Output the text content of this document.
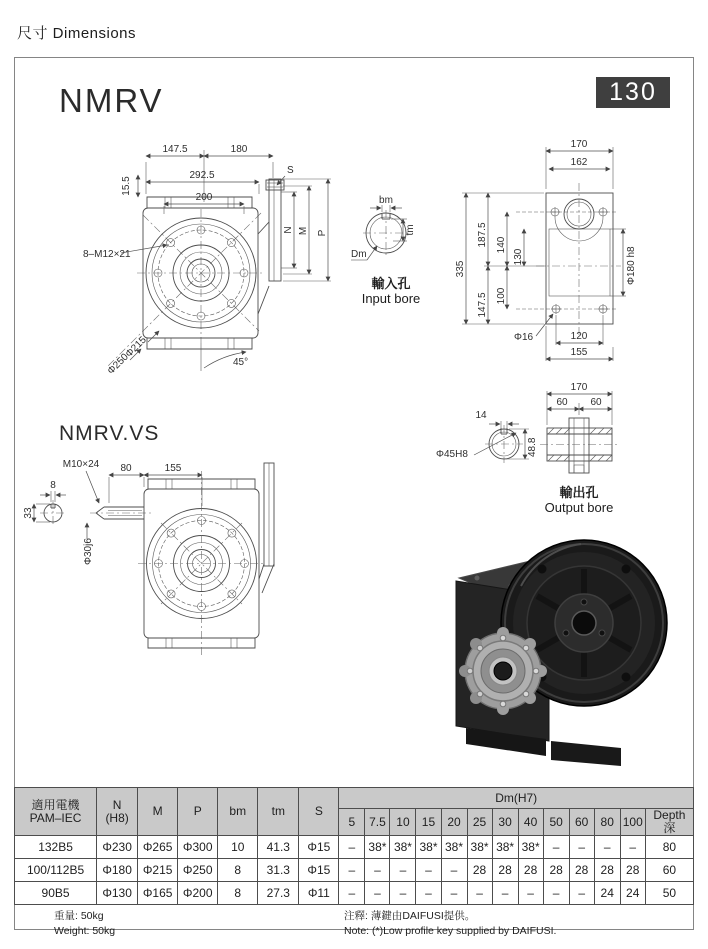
尺寸 Dimensions
NMRV	130
147.5	180
292.5
200
15.5
S
N M P
8–M12×21
Φ215
Φ250	45°
bm
tm
Dm
輸入孔
Input bore
170
162
335
187.5
147.5
140
100
130	Φ180 h8
Φ16	120
155
14
Φ45H8	48.8
170
60 60
輸出孔
Output bore
NMRV.VS
M10×24 80	155
8
33
Φ30j6
適用電機
PAM–IEC

N
(H8)	M	P	bm	tm	S	Dm(H7)
							5	7.5	10	15	20	25	30	40	50	60	80	100	Depth 深
132B5	Φ230	Φ265	Φ300	10	41.3	Φ15	–	38*	38*	38*	38*	38*	38*	38*	–	–	–	–	80
100/112B5	Φ180	Φ215	Φ250	8	31.3	Φ15	–	–	–	–	–	28	28	28	28	28	28	28	60
90B5	Φ130	Φ165	Φ200	8	27.3	Φ11	–	–	–	–	–	–	–	–	–	–	24	24	50
重量: 50kg
Weight: 50kg
注釋: 薄鍵由DAIFUSI提供。
Note: (*)Low profile key supplied by DAIFUSI.
